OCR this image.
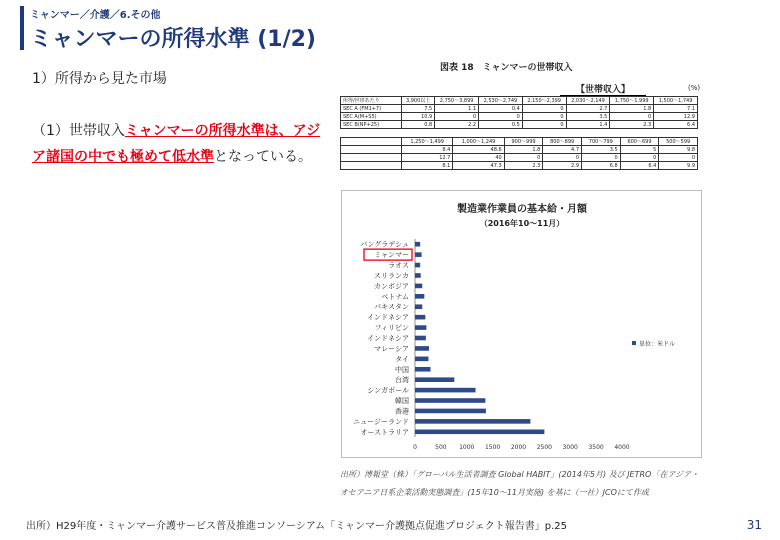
ミャンマー／介護／6.その他
ミャンマーの所得水準 (1/2)
1）所得から見た市場
（1）世帯収入ミャンマーの所得水準は、アジア諸国の中でも極めて低水準となっている。
図表 18　ミャンマーの世帯収入
【世帯収入】	(%)
所得/世帯あたり	3,900以上	2,750～3,899	2,530～2,749	2,150～2,399	2,030～2,149	1,750～1,999	1,500～1,749
SEC A (FM1+7)	7.5	1.1	0.4	0	2.7	1.8	7.1
SEC A(M+S5)	10.9	0	0	0	3.5	0	12.9
SEC B(NP+25)	0.8	2.2	0.5	0	1.4	2.3	6.4
	1,250～1,499	1,000～1,249	900～999	800～899	700～799	600～699	500～599
	8.4	48.6	1.8	4.7	3.5	5	9.8
	12.7	40	0	0	0	0	0
	8.1	47.3	2.3	2.9	6.8	6.4	9.9
製造業作業員の基本給・月額
（2016年10～11月）
バングラデシュ
ミャンマー
ラオス
スリランカ
カンボジア
ベトナム
パキスタン
インドネシア
フィリピン
インドネシア
マレーシア
タイ
中国
台湾
シンガポール
韓国
香港
ニュージーランド
オーストラリア
0	500 1000 1500 2000 2500 3000 3500 4000
単位：米ドル
出所）博報堂（株）「グローバル生活者調査 Global HABIT」(2014年5月) 及び JETRO「在アジア・オセアニア日系企業活動実態調査」(15年10～11月実施) を基に（一社）JCOにて作成
出所）H29年度・ミャンマー介護サービス普及推進コンソーシアム「ミャンマー介護拠点促進プロジェクト報告書」p.25	31
